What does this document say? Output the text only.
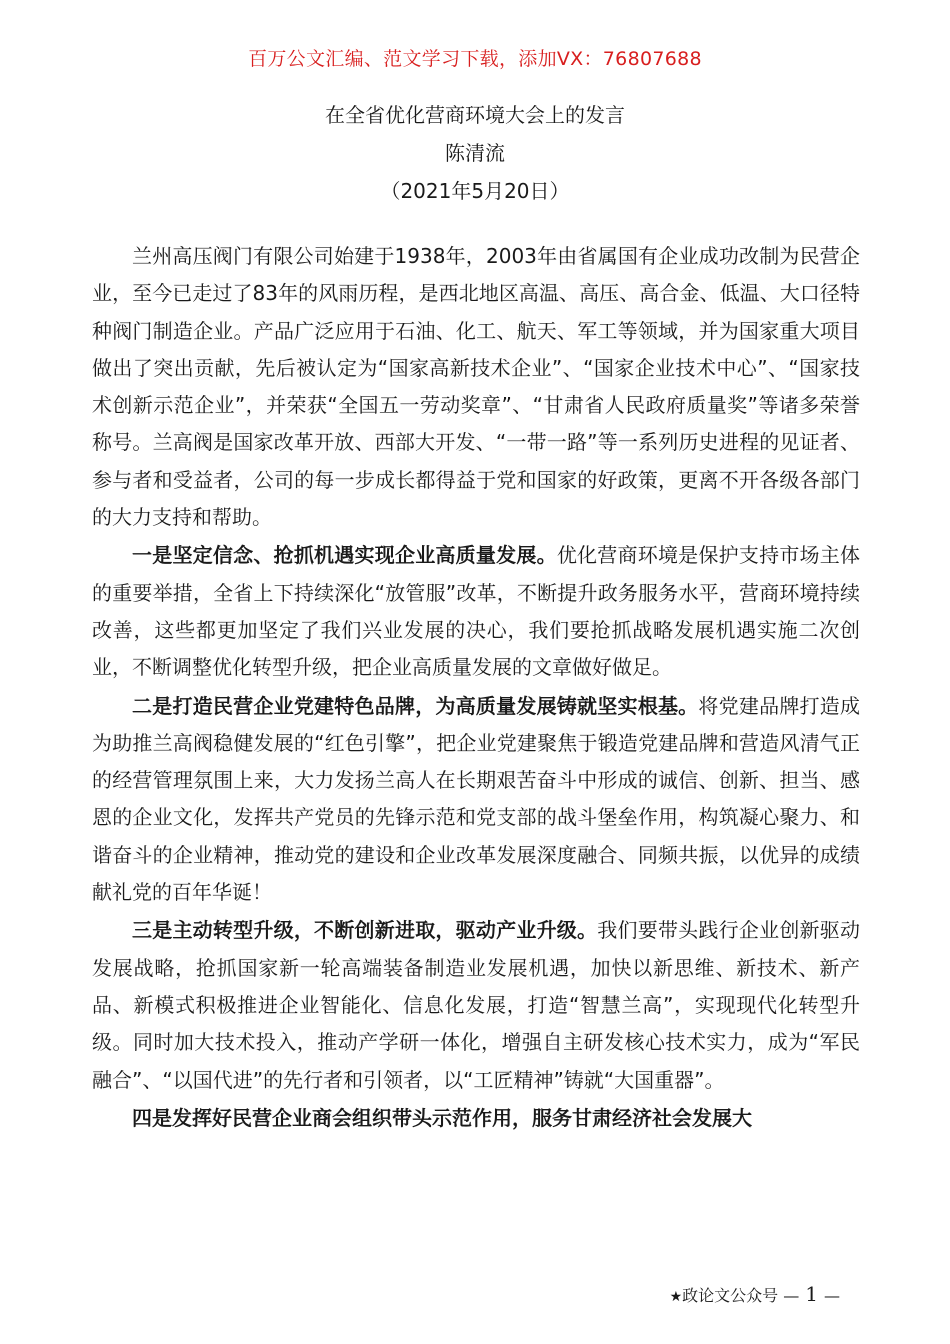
百万公文汇编、范文学习下载，添加VX：76807688
在全省优化营商环境大会上的发言
陈清流
（2021年5月20日）

兰州高压阀门有限公司始建于1938年，2003年由省属国有企业成功改制为民营企业，至今已走过了83年的风雨历程，是西北地区高温、高压、高合金、低温、大口径特种阀门制造企业。产品广泛应用于石油、化工、航天、军工等领域，并为国家重大项目做出了突出贡献，先后被认定为“国家高新技术企业”、“国家企业技术中心”、“国家技术创新示范企业”，并荣获“全国五一劳动奖章”、“甘肃省人民政府质量奖”等诸多荣誉称号。兰高阀是国家改革开放、西部大开发、“一带一路”等一系列历史进程的见证者、参与者和受益者，公司的每一步成长都得益于党和国家的好政策，更离不开各级各部门的大力支持和帮助。

一是坚定信念、抢抓机遇实现企业高质量发展。优化营商环境是保护支持市场主体的重要举措，全省上下持续深化“放管服”改革，不断提升政务服务水平，营商环境持续改善，这些都更加坚定了我们兴业发展的决心，我们要抢抓战略发展机遇实施二次创业，不断调整优化转型升级，把企业高质量发展的文章做好做足。

二是打造民营企业党建特色品牌，为高质量发展铸就坚实根基。将党建品牌打造成为助推兰高阀稳健发展的“红色引擎”，把企业党建聚焦于锻造党建品牌和营造风清气正的经营管理氛围上来，大力发扬兰高人在长期艰苦奋斗中形成的诚信、创新、担当、感恩的企业文化，发挥共产党员的先锋示范和党支部的战斗堡垒作用，构筑凝心聚力、和谐奋斗的企业精神，推动党的建设和企业改革发展深度融合、同频共振，以优异的成绩献礼党的百年华诞！

三是主动转型升级，不断创新进取，驱动产业升级。我们要带头践行企业创新驱动发展战略，抢抓国家新一轮高端装备制造业发展机遇，加快以新思维、新技术、新产品、新模式积极推进企业智能化、信息化发展，打造“智慧兰高”，实现现代化转型升级。同时加大技术投入，推动产学研一体化，增强自主研发核心技术实力，成为“军民融合”、“以国代进”的先行者和引领者，以“工匠精神”铸就“大国重器”。

四是发挥好民营企业商会组织带头示范作用，服务甘肃经济社会发展大

★政论文公众号 — 1 —
